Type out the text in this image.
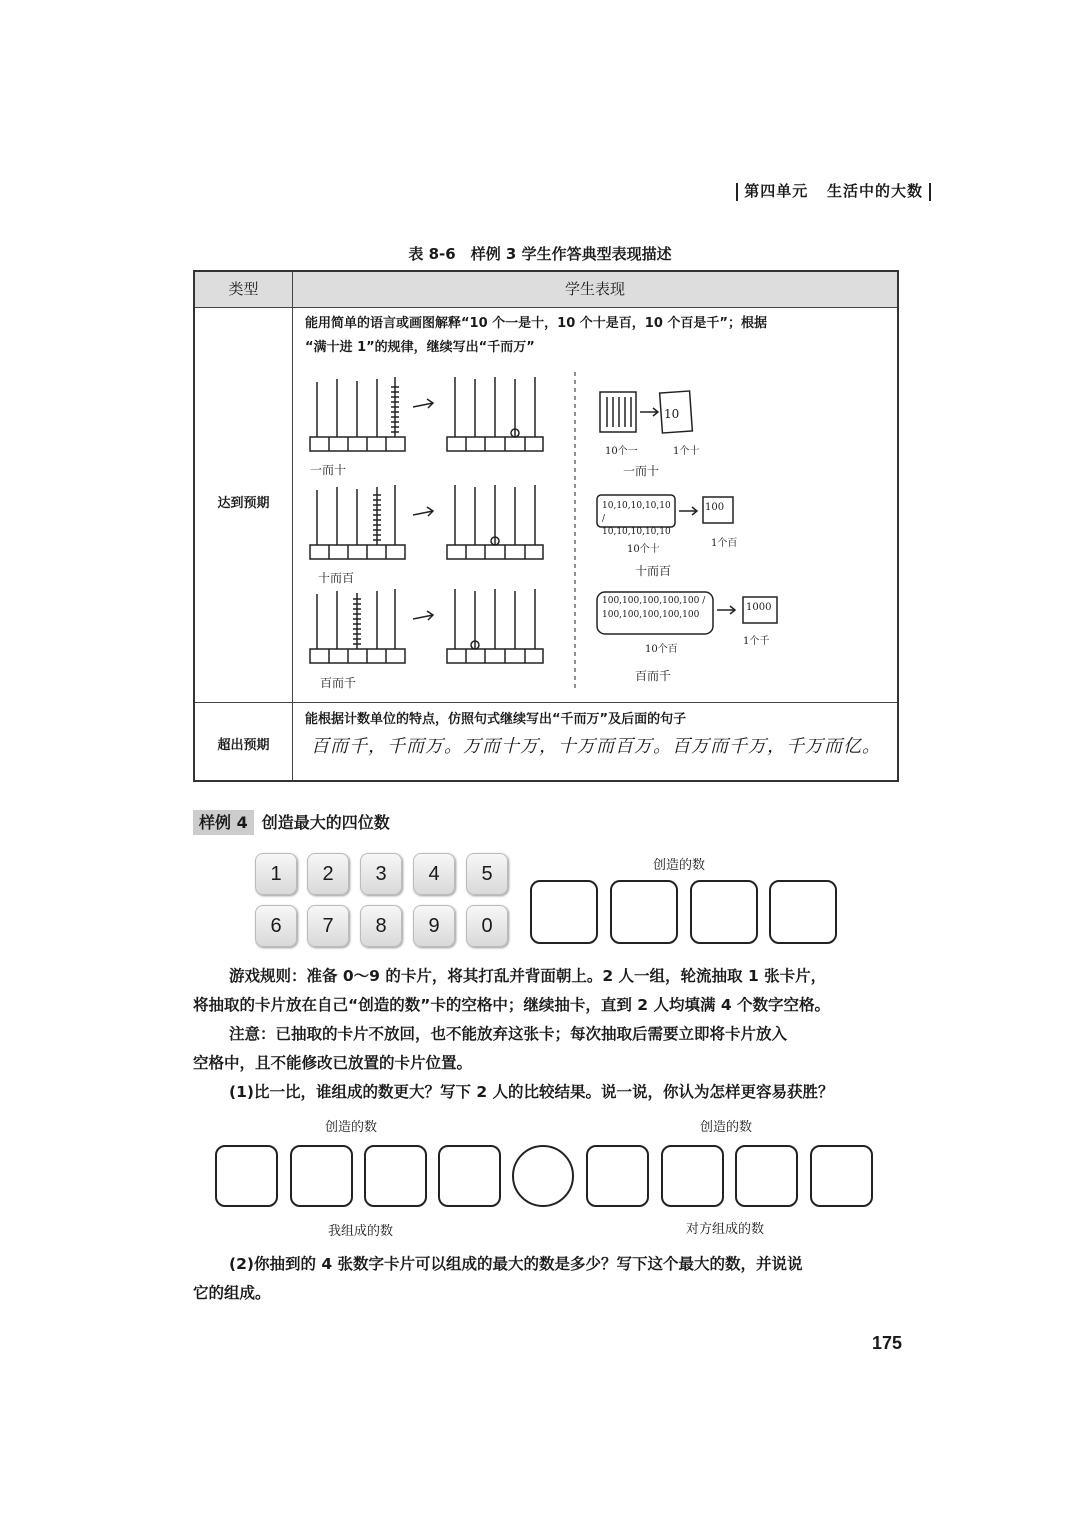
第四单元 生活中的大数
表 8-6　样例 3 学生作答典型表现描述
类型	学生表现
达到预期
能用简单的语言或画图解释“10 个一是十，10 个十是百，10 个百是千”；根据
“满十进 1”的规律，继续写出“千而万”
一而十
十而百
百而千
10
10个一	1个十
一而十
10,10,10,10,10 / 10,10,10,10,10
100
10个十
1个百
十而百
100,100,100,100,100 / 100,100,100,100,100
1000
10个百
1个千
百而千
超出预期
能根据计数单位的特点，仿照句式继续写出“千而万”及后面的句子
百而千，千而万。万而十万，十万而百万。百万而千万，千万而亿。
样例 4 创造最大的四位数
1	2	3	4	5
6	7	8	9	0
创造的数
游戏规则：准备 0～9 的卡片，将其打乱并背面朝上。2 人一组，轮流抽取 1 张卡片，
将抽取的卡片放在自己“创造的数”卡的空格中；继续抽卡，直到 2 人均填满 4 个数字空格。
注意：已抽取的卡片不放回，也不能放弃这张卡；每次抽取后需要立即将卡片放入
空格中，且不能修改已放置的卡片位置。
(1)比一比，谁组成的数更大？写下 2 人的比较结果。说一说，你认为怎样更容易获胜？
创造的数	创造的数
我组成的数	对方组成的数
(2)你抽到的 4 张数字卡片可以组成的最大的数是多少？写下这个最大的数，并说说
它的组成。
175
